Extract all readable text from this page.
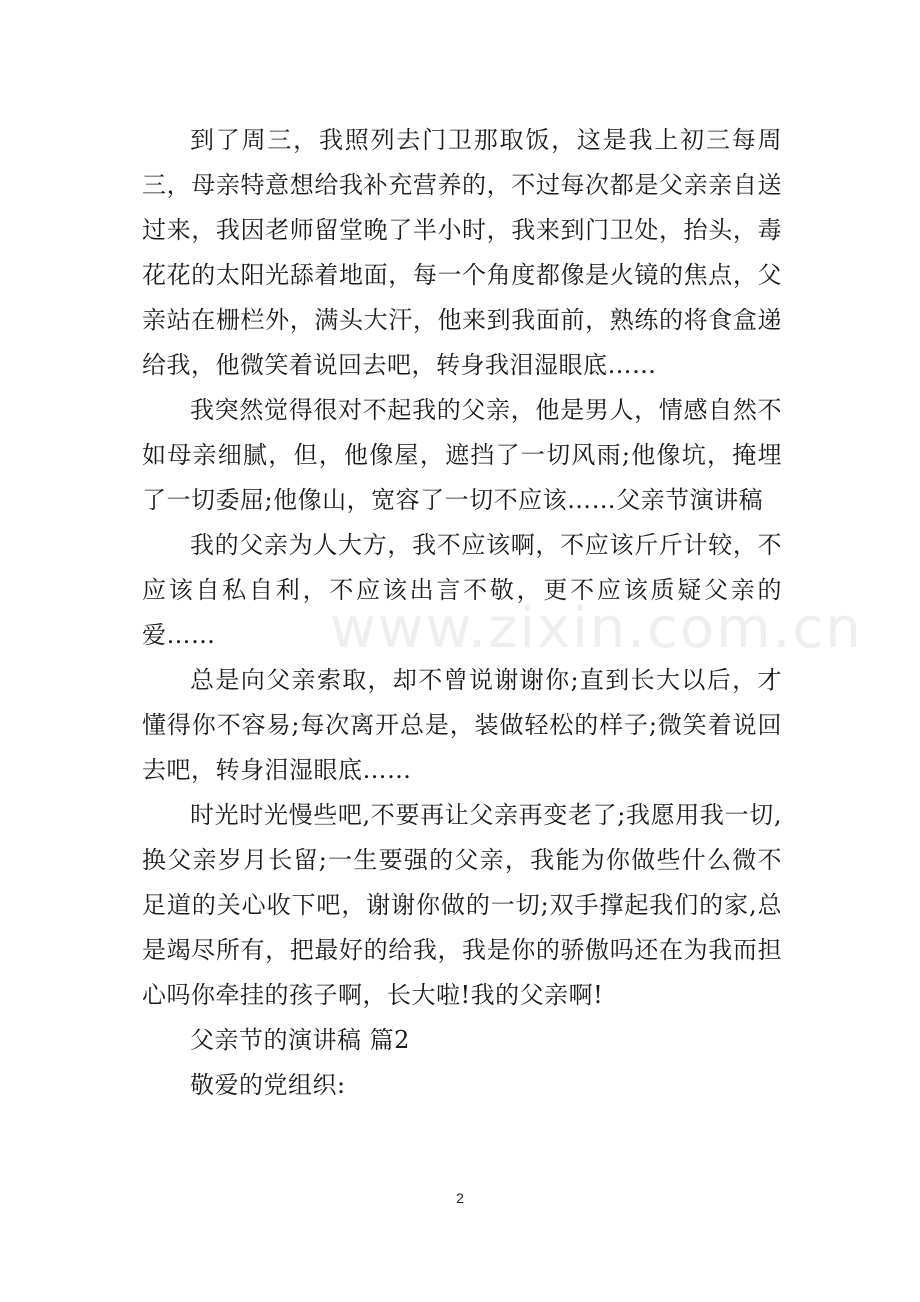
到了周三，我照列去门卫那取饭，这是我上初三每周三，母亲特意想给我补充营养的，不过每次都是父亲亲自送过来，我因老师留堂晚了半小时，我来到门卫处，抬头，毒花花的太阳光舔着地面，每一个角度都像是火镜的焦点，父亲站在栅栏外，满头大汗，他来到我面前，熟练的将食盒递给我，他微笑着说回去吧，转身我泪湿眼底……

我突然觉得很对不起我的父亲，他是男人，情感自然不如母亲细腻，但，他像屋，遮挡了一切风雨;他像坑，掩埋了一切委屈;他像山，宽容了一切不应该……父亲节演讲稿

我的父亲为人大方，我不应该啊，不应该斤斤计较，不应该自私自利，不应该出言不敬，更不应该质疑父亲的爱……

总是向父亲索取，却不曾说谢谢你;直到长大以后，才懂得你不容易;每次离开总是，装做轻松的样子;微笑着说回去吧，转身泪湿眼底……

时光时光慢些吧,不要再让父亲再变老了;我愿用我一切,换父亲岁月长留;一生要强的父亲，我能为你做些什么微不足道的关心收下吧，谢谢你做的一切;双手撑起我们的家,总是竭尽所有，把最好的给我，我是你的骄傲吗还在为我而担心吗你牵挂的孩子啊，长大啦!我的父亲啊!

父亲节的演讲稿 篇2

敬爱的党组织:

www.zixin.com.cn
2
